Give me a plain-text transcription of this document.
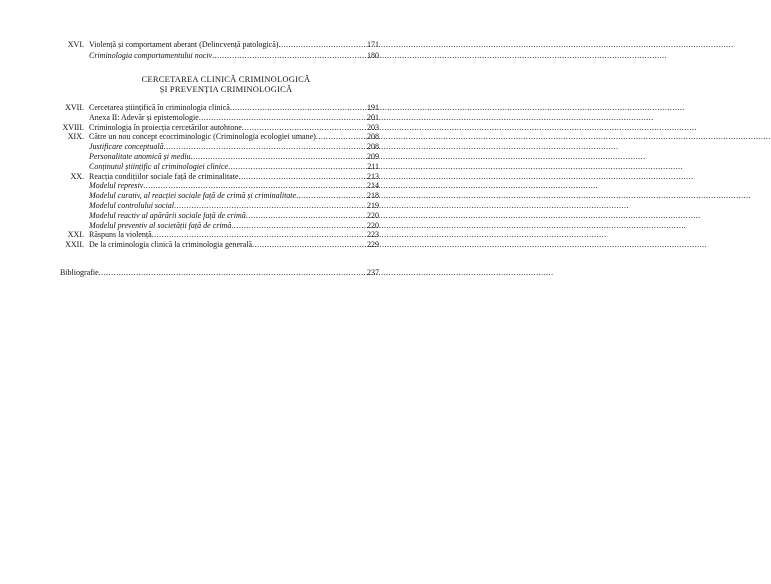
XVI. Violență și comportament aberant (Delincvență patologică) .....	171
Criminologia comportamentului nociv .....	180
CERCETAREA CLINICĂ CRIMINOLOGICĂ
ȘI PREVENȚIA CRIMINOLOGICĂ
XVII. Cercetarea științifică în criminologia clinică .....	191
Anexa II: Adevăr și epistemologie .....	201
XVIII. Criminologia în proiecția cercetărilor autohtone .....	203
XIX. Către un nou concept ecocriminologic (Criminologia ecologiei umane) .....	208
Justificare conceptuală .....	208
Personalitate anomică și mediu .....	209
Conținutul științific al criminologiei clinice .....	211
XX. Reacția condițiilor sociale față de criminalitate .....	213
Modelul represiv .....	214
Modelul curativ, al reacției sociale față de crimă și criminalitate .....	218
Modelul controlului social .....	219
Modelul reactiv al apărării sociale față de crimă .....	220
Modelul preventiv al societății față de crimă .....	220
XXI. Răspuns la violență .....	223
XXII. De la criminologia clinică la criminologia generală .....	229
Bibliografie .....	237
